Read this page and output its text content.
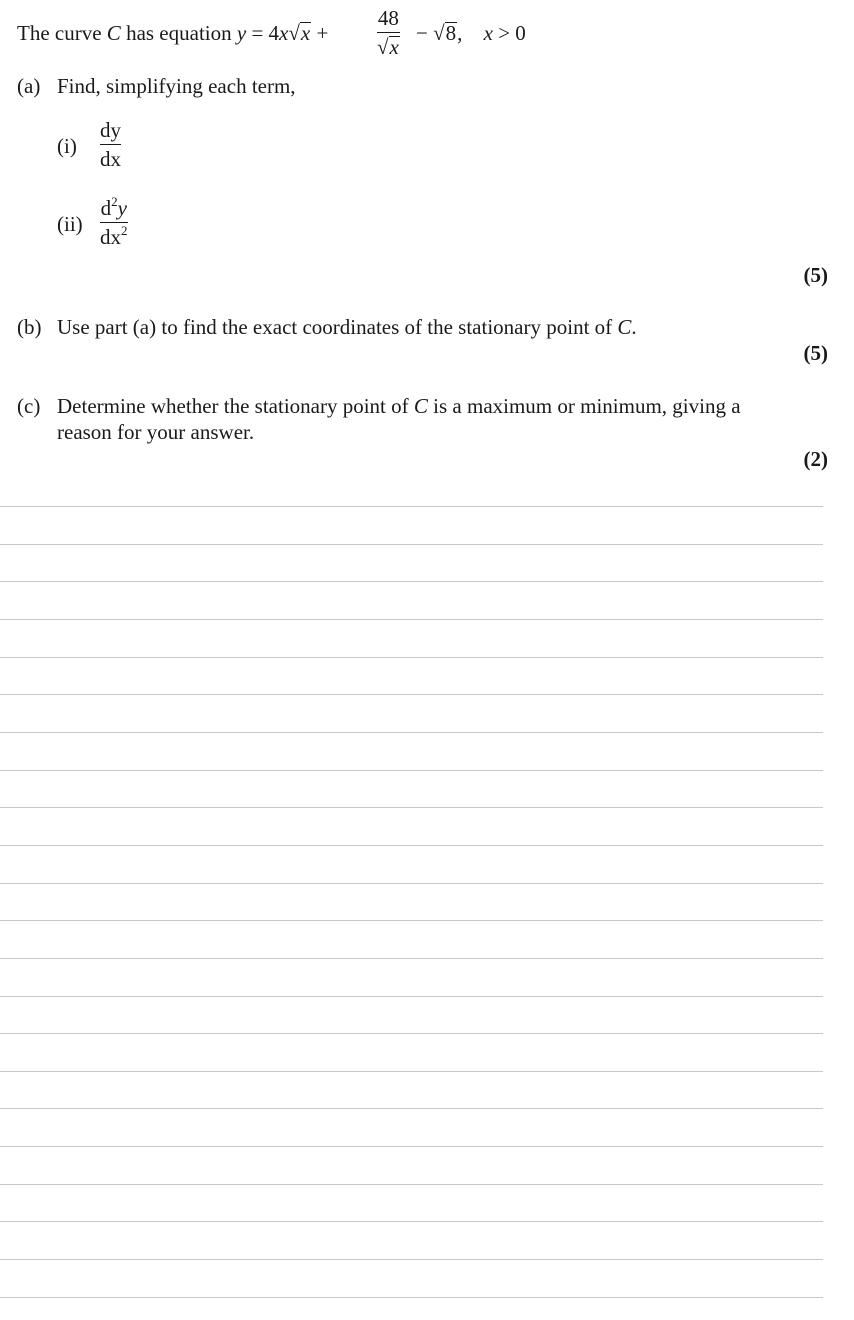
The curve C has equation y = 4x√x +
48
√x
− √8, x > 0
(a) Find, simplifying each term,
(i)
dy
dx
(ii)
$d^2y$
$dx^2$
(5)
(b) Use part (a) to find the exact coordinates of the stationary point of C.
(5)
(c) Determine whether the stationary point of C is a maximum or minimum, giving a
reason for your answer.
(2)
